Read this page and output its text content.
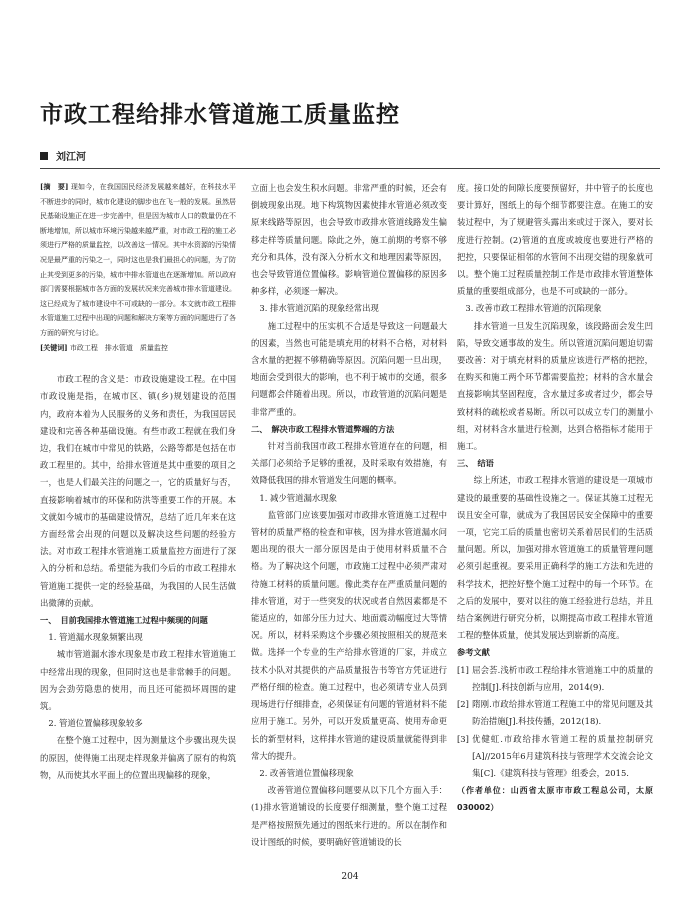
市政工程给排水管道施工质量监控
刘江河

[摘　要] 现如今，在我国国民经济发展越来越好，在科技水平不断进步的同时，城市化建设的脚步也在飞一般的发展。虽然居民基础设施正在进一步完善中，但是因为城市人口的数量仍在不断地增加，所以城市环境污染越来越严重，对市政工程的施工必须进行严格的质量监控，以改善这一情况。其中水资源的污染情况是最严重的污染之一，同时这也是我们最担心的问题，为了防止其受到更多的污染，城市中排水管道也在逐渐增加。所以政府部门需要根据城市各方面的发展状况来完善城市排水管道建设。这已经成为了城市建设中不可或缺的一部分。本文就市政工程排水管道施工过程中出现的问题和解决方案等方面的问题进行了各方面的研究与讨论。

[关键词] 市政工程　排水管道　质量监控

市政工程的含义是：市政设施建设工程。在中国市政设施是指，在城市区、镇(乡)规划建设的范围内，政府本着为人民服务的义务和责任，为我国居民建设和完善各种基础设施。有些市政工程就在我们身边，我们在城市中常见的铁路，公路等都是包括在市政工程里的。其中，给排水管道是其中重要的项目之一，也是人们最关注的问题之一，它的质量好与否，直接影响着城市的环保和防洪等重要工作的开展。本文就如今城市的基础建设情况，总结了近几年来在这方面经常会出现的问题以及解决这些问题的经验方法。对市政工程排水管道施工质量监控方面进行了深入的分析和总结。希望能为我们今后的市政工程排水管道施工提供一定的经验基础，为我国的人民生活做出微薄的贡献。

一、　目前我国排水管道施工过程中频现的问题

1. 管道漏水现象频繁出现

城市管道漏水渗水现象是市政工程排水管道施工中经常出现的现象，但同时这也是非常棘手的问题。因为会劲劳隐患的使用，而且还可能损坏周围的建筑。

2. 管道位置偏移现象较多

在整个施工过程中，因为测量这个步骤出现失误的原因，使得施工出现走样现象并偏离了原有的构筑物，从而使其水平面上的位置出现偏移的现象，

立面上也会发生积水问题。非常严重的时候，还会有倒坡现象出现。地下构筑物因素使排水管道必须改变原来线路等原因，也会导致市政排水管道线路发生偏移走样等质量问题。除此之外，施工前期的考察不够充分和具体，没有深入分析水文和地理因素等原因，也会导致管道位置偏移。影响管道位置偏移的原因多种多样，必须逐一解决。

3. 排水管道沉陷的现象经常出现

施工过程中的压实机不合适是导致这一问题最大的因素，当然也可能是填充用的材料不合格，对材料含水量的把握不够精确等原因。沉陷问题一旦出现，地面会受到很大的影响，也不利于城市的交通，很多问题都会伴随着出现。所以，市政管道的沉陷问题是非常严重的。

二、　解决市政工程排水管道弊端的方法

针对当前我国市政工程排水管道存在的问题，相关部门必须给予足够的重视，及时采取有效措施，有效降低我国的排水管道发生问题的概率。

1. 减少管道漏水现象

监管部门应该要加强对市政排水管道施工过程中管材的质量严格的检查和审核，因为排水管道漏水问题出现的很大一部分原因是由于使用材料质量不合格。为了解决这个问题，市政施工过程中必须严肃对待施工材料的质量问题。像此类存在严重质量问题的排水管道，对于一些突发的状况或者自然因素都是不能适应的，如部分压力过大、地面震动幅度过大等情况。所以，材料采购这个步骤必须按照相关的规范来做。选择一个专业的生产给排水管道的厂家，并成立技术小队对其提供的产品质量报告书等官方凭证进行严格仔细的检查。施工过程中，也必须请专业人员到现场进行仔细排查，必须保证有问题的管道材料不能应用于施工。另外，可以开发质量更高、使用寿命更长的新型材料，这样排水管道的建设质量就能得到非常大的提升。

2. 改善管道位置偏移现象

改善管道位置偏移问题要从以下几个方面入手：(1)排水管道铺设的长度要仔细测量，整个施工过程是严格按照预先通过的图纸来行进的。所以在制作和设计图纸的时候，要明确好管道铺设的长

度。接口处的间隙长度要预留好，井中管子的长度也要计算好，图纸上的每个细节都要注意。在施工的安装过程中，为了规避管头露出来或过于深入，要对长度进行控制。(2)管道的直度或坡度也要进行严格的把控，只要保证相邻的水管间不出现交错的现象就可以。整个施工过程质量控制工作是市政排水管道整体质量的重要组成部分，也是不可或缺的一部分。

3. 改善市政工程排水管道的沉陷现象

排水管道一旦发生沉陷现象，该段路面会发生凹陷，导致交通事故的发生。所以管道沉陷问题迫切需要改善：对于填充材料的质量应该进行严格的把控，在购买和施工两个环节都需要监控；材料的含水量会直接影响其坚固程度，含水量过多或者过少，都会导致材料的疏松或者易断。所以可以成立专门的测量小组，对材料含水量进行检测，达到合格指标才能用于施工。

三、　结语

综上所述，市政工程排水管道的建设是一项城市建设的最重要的基础性设施之一。保证其施工过程无误且安全可靠，就成为了我国居民安全保障中的重要一项，它完工后的质量也密切关系着居民们的生活质量问题。所以，加强对排水管道施工的质量管理问题必须引起重视。要采用正确科学的施工方法和先进的科学技术，把控好整个施工过程中的每一个环节。在之后的发展中，要对以往的施工经验进行总结，并且结合案例进行研究分析，以期提高市政工程排水管道工程的整体质量，使其发展达到崭新的高度。

参考文献

[1] 屈会荟.浅析市政工程给排水管道施工中的质量的控制[J].科技创新与应用，2014(9).

[2] 隋刚.市政给排水管道工程施工中的常见问题及其防治措施[J].科技传播，2012(18).

[3] 优健虹.市政给排水管道工程的质量控制研究[A]//2015年6月建筑科技与管理学术交流会论文集[C].《建筑科技与管理》组委会，2015.

（作者单位：山西省太原市市政工程总公司，太原030002）

204
